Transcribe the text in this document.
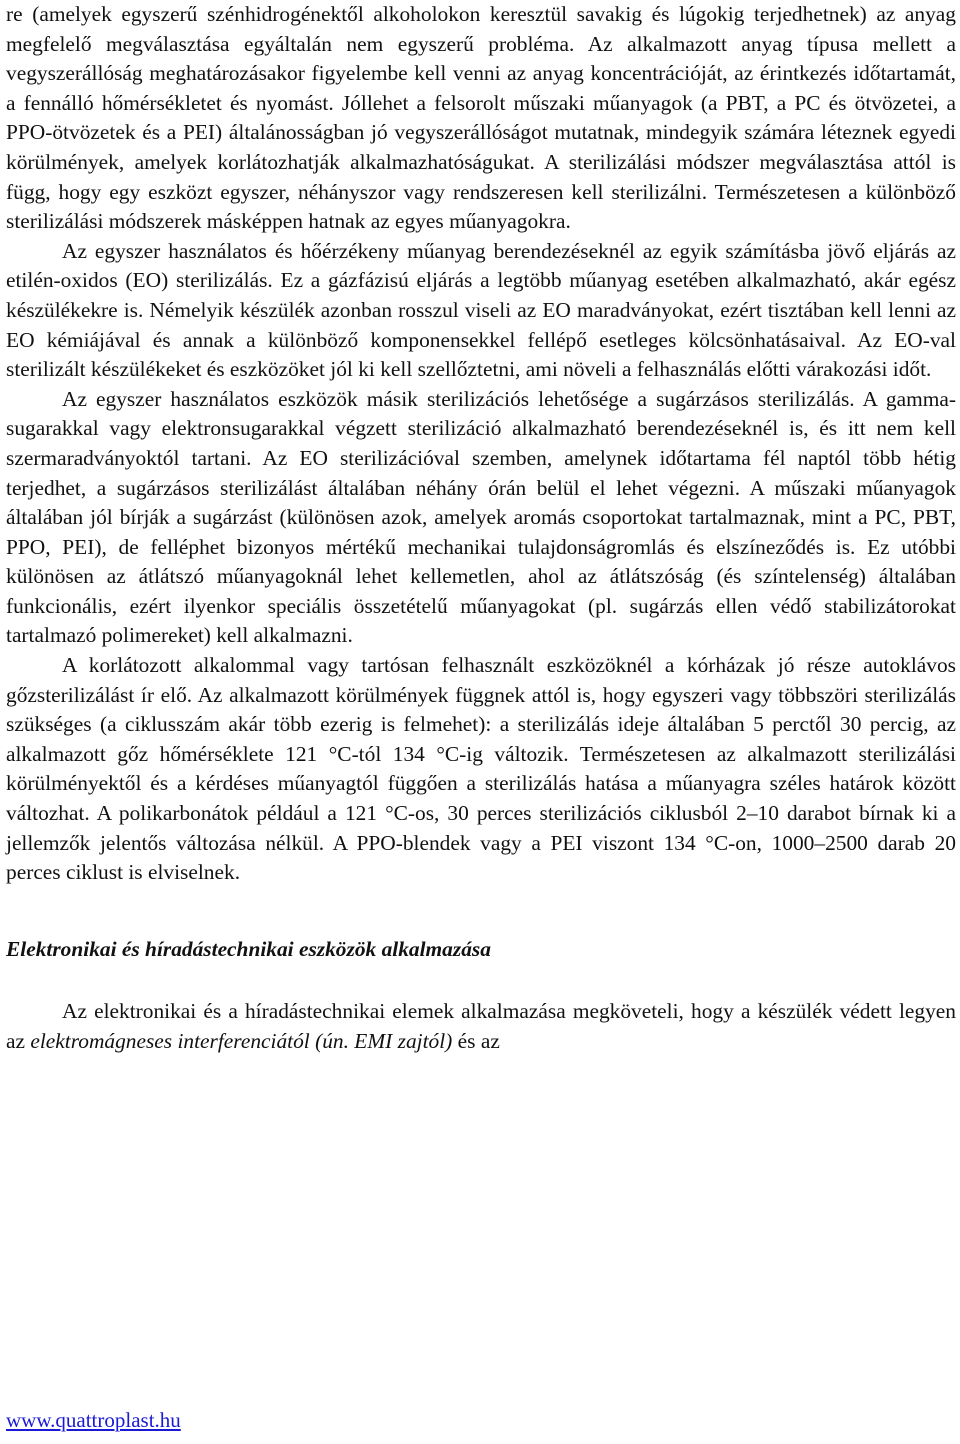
re (amelyek egyszerű szénhidrogénektől alkoholokon keresztül savakig és lúgokig terjedhetnek) az anyag megfelelő megválasztása egyáltalán nem egyszerű probléma. Az alkalmazott anyag típusa mellett a vegyszerállóság meghatározásakor figyelembe kell venni az anyag koncentrációját, az érintkezés időtartamát, a fennálló hőmérsékletet és nyomást. Jóllehet a felsorolt műszaki műanyagok (a PBT, a PC és ötvözetei, a PPO-ötvözetek és a PEI) általánosságban jó vegyszerállóságot mutatnak, mindegyik számára léteznek egyedi körülmények, amelyek korlátozhatják alkalmazhatóságukat. A sterilizálási módszer megválasztása attól is függ, hogy egy eszközt egyszer, néhányszor vagy rendszeresen kell sterilizálni. Természetesen a különböző sterilizálási módszerek másképpen hatnak az egyes műanyagokra.

Az egyszer használatos és hőérzékeny műanyag berendezéseknél az egyik számításba jövő eljárás az etilén-oxidos (EO) sterilizálás. Ez a gázfázisú eljárás a legtöbb műanyag esetében alkalmazható, akár egész készülékekre is. Némelyik készülék azonban rosszul viseli az EO maradványokat, ezért tisztában kell lenni az EO kémiájával és annak a különböző komponensekkel fellépő esetleges kölcsönhatásaival. Az EO-val sterilizált készülékeket és eszközöket jól ki kell szellőztetni, ami növeli a felhasználás előtti várakozási időt.

Az egyszer használatos eszközök másik sterilizációs lehetősége a sugárzásos sterilizálás. A gamma-sugarakkal vagy elektronsugarakkal végzett sterilizáció alkalmazható berendezéseknél is, és itt nem kell szermaradványoktól tartani. Az EO sterilizációval szemben, amelynek időtartama fél naptól több hétig terjedhet, a sugárzásos sterilizálást általában néhány órán belül el lehet végezni. A műszaki műanyagok általában jól bírják a sugárzást (különösen azok, amelyek aromás csoportokat tartalmaznak, mint a PC, PBT, PPO, PEI), de felléphet bizonyos mértékű mechanikai tulajdonságromlás és elszíneződés is. Ez utóbbi különösen az átlátszó műanyagoknál lehet kellemetlen, ahol az átlátszóság (és színtelenség) általában funkcionális, ezért ilyenkor speciális összetételű műanyagokat (pl. sugárzás ellen védő stabilizátorokat tartalmazó polimereket) kell alkalmazni.

A korlátozott alkalommal vagy tartósan felhasznált eszközöknél a kórházak jó része autoklávos gőzsterilizálást ír elő. Az alkalmazott körülmények függnek attól is, hogy egyszeri vagy többszöri sterilizálás szükséges (a ciklusszám akár több ezerig is felmehet): a sterilizálás ideje általában 5 perctől 30 percig, az alkalmazott gőz hőmérséklete 121 °C-tól 134 °C-ig változik. Természetesen az alkalmazott sterilizálási körülményektől és a kérdéses műanyagtól függően a sterilizálás hatása a műanyagra széles határok között változhat. A polikarbonátok például a 121 °C-os, 30 perces sterilizációs ciklusból 2–10 darabot bírnak ki a jellemzők jelentős változása nélkül. A PPO-blendek vagy a PEI viszont 134 °C-on, 1000–2500 darab 20 perces ciklust is elviselnek.

Elektronikai és híradástechnikai eszközök alkalmazása

Az elektronikai és a híradástechnikai elemek alkalmazása megköveteli, hogy a készülék védett legyen az elektromágneses interferenciától (ún. EMI zajtól) és az

www.quattroplast.hu
